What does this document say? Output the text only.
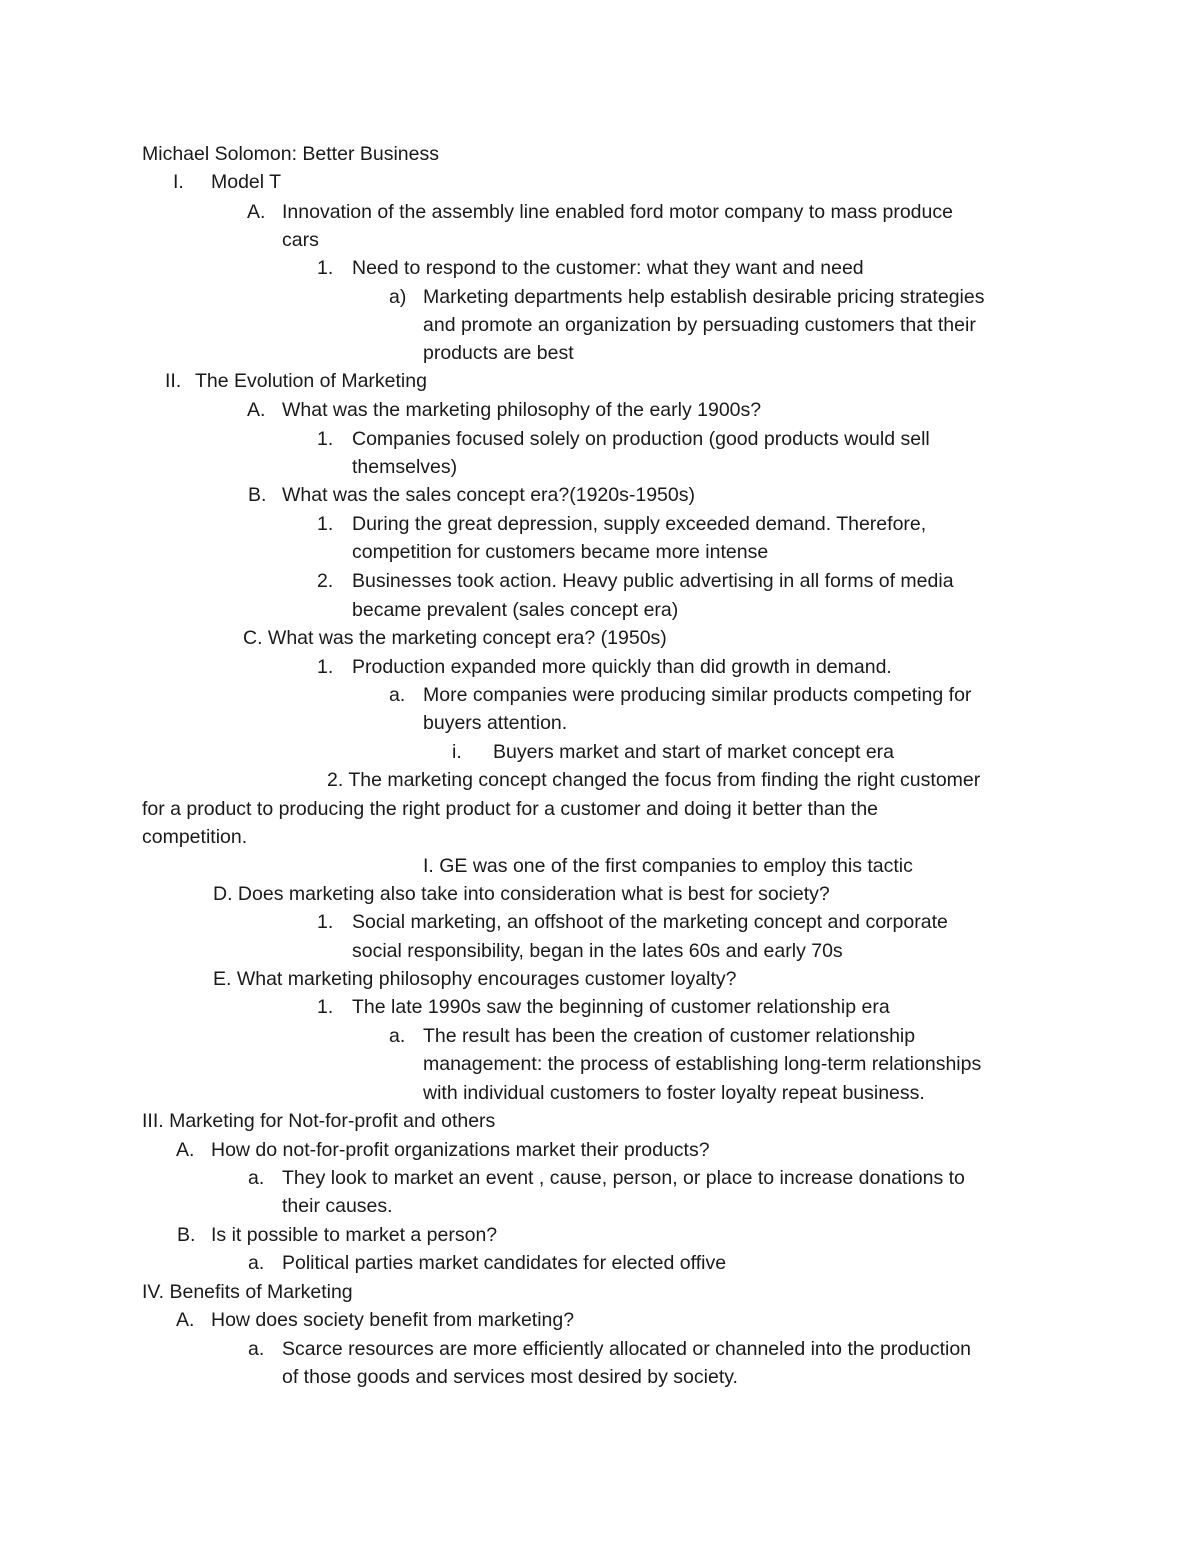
Michael Solomon: Better Business
I. Model T
A. Innovation of the assembly line enabled ford motor company to mass produce
cars
1. Need to respond to the customer: what they want and need
a) Marketing departments help establish desirable pricing strategies
and promote an organization by persuading customers that their
products are best
II. The Evolution of Marketing
A. What was the marketing philosophy of the early 1900s?
1. Companies focused solely on production (good products would sell
themselves)
B. What was the sales concept era?(1920s-1950s)
1. During the great depression, supply exceeded demand. Therefore,
competition for customers became more intense
2. Businesses took action. Heavy public advertising in all forms of media
became prevalent (sales concept era)
C. What was the marketing concept era? (1950s)
1. Production expanded more quickly than did growth in demand.
a. More companies were producing similar products competing for
buyers attention.
i. Buyers market and start of market concept era
2. The marketing concept changed the focus from finding the right customer
for a product to producing the right product for a customer and doing it better than the
competition.
I. GE was one of the first companies to employ this tactic
D. Does marketing also take into consideration what is best for society?
1. Social marketing, an offshoot of the marketing concept and corporate
social responsibility, began in the lates 60s and early 70s
E. What marketing philosophy encourages customer loyalty?
1. The late 1990s saw the beginning of customer relationship era
a. The result has been the creation of customer relationship
management: the process of establishing long-term relationships
with individual customers to foster loyalty repeat business.
III. Marketing for Not-for-profit and others
A. How do not-for-profit organizations market their products?
a. They look to market an event , cause, person, or place to increase donations to
their causes.
B. Is it possible to market a person?
a. Political parties market candidates for elected offive
IV. Benefits of Marketing
A. How does society benefit from marketing?
a. Scarce resources are more efficiently allocated or channeled into the production
of those goods and services most desired by society.
